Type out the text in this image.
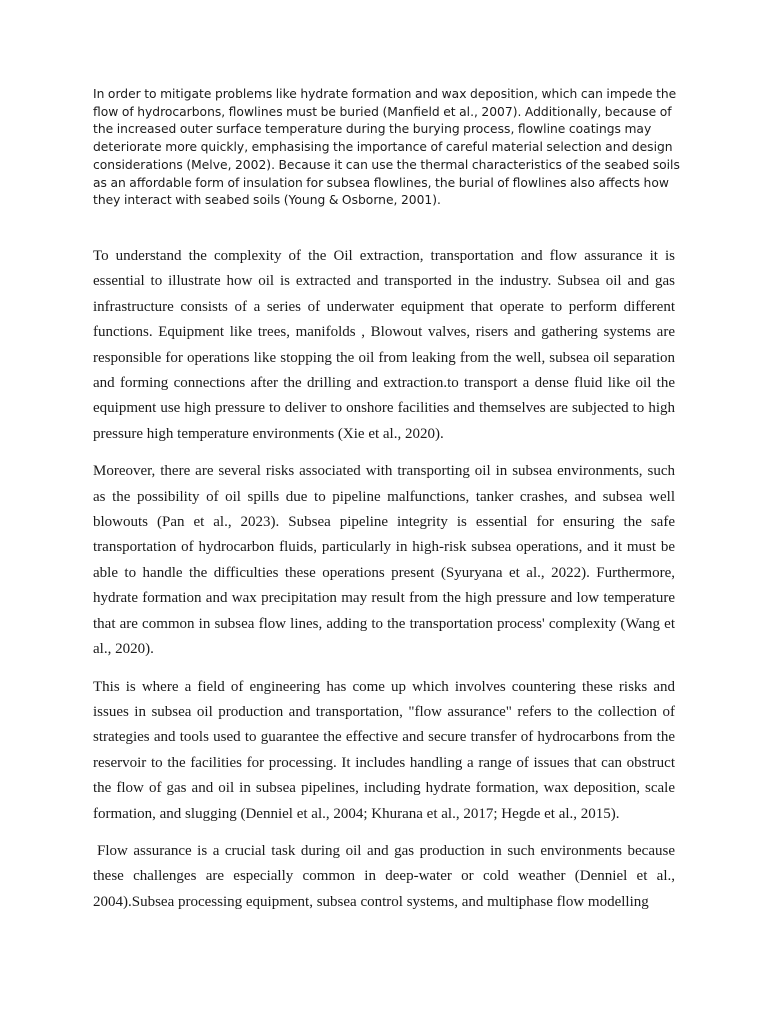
In order to mitigate problems like hydrate formation and wax deposition, which can impede the flow of hydrocarbons, flowlines must be buried (Manfield et al., 2007). Additionally, because of the increased outer surface temperature during the burying process, flowline coatings may deteriorate more quickly, emphasising the importance of careful material selection and design considerations (Melve, 2002). Because it can use the thermal characteristics of the seabed soils as an affordable form of insulation for subsea flowlines, the burial of flowlines also affects how they interact with seabed soils (Young & Osborne, 2001).

To understand the complexity of the Oil extraction, transportation and flow assurance it is essential to illustrate how oil is extracted and transported in the industry. Subsea oil and gas infrastructure consists of a series of underwater equipment that operate to perform different functions. Equipment like trees, manifolds , Blowout valves, risers and gathering systems are responsible for operations like stopping the oil from leaking from the well, subsea oil separation and forming connections after the drilling and extraction.to transport a dense fluid like oil the equipment use high pressure to deliver to onshore facilities and themselves are subjected to high pressure high temperature environments (Xie et al., 2020).

Moreover, there are several risks associated with transporting oil in subsea environments, such as the possibility of oil spills due to pipeline malfunctions, tanker crashes, and subsea well blowouts (Pan et al., 2023). Subsea pipeline integrity is essential for ensuring the safe transportation of hydrocarbon fluids, particularly in high-risk subsea operations, and it must be able to handle the difficulties these operations present (Syuryana et al., 2022). Furthermore, hydrate formation and wax precipitation may result from the high pressure and low temperature that are common in subsea flow lines, adding to the transportation process' complexity (Wang et al., 2020).

This is where a field of engineering has come up which involves countering these risks and issues in subsea oil production and transportation, "flow assurance" refers to the collection of strategies and tools used to guarantee the effective and secure transfer of hydrocarbons from the reservoir to the facilities for processing. It includes handling a range of issues that can obstruct the flow of gas and oil in subsea pipelines, including hydrate formation, wax deposition, scale formation, and slugging (Denniel et al., 2004; Khurana et al., 2017; Hegde et al., 2015).

Flow assurance is a crucial task during oil and gas production in such environments because these challenges are especially common in deep-water or cold weather (Denniel et al., 2004).Subsea processing equipment, subsea control systems, and multiphase flow modelling
